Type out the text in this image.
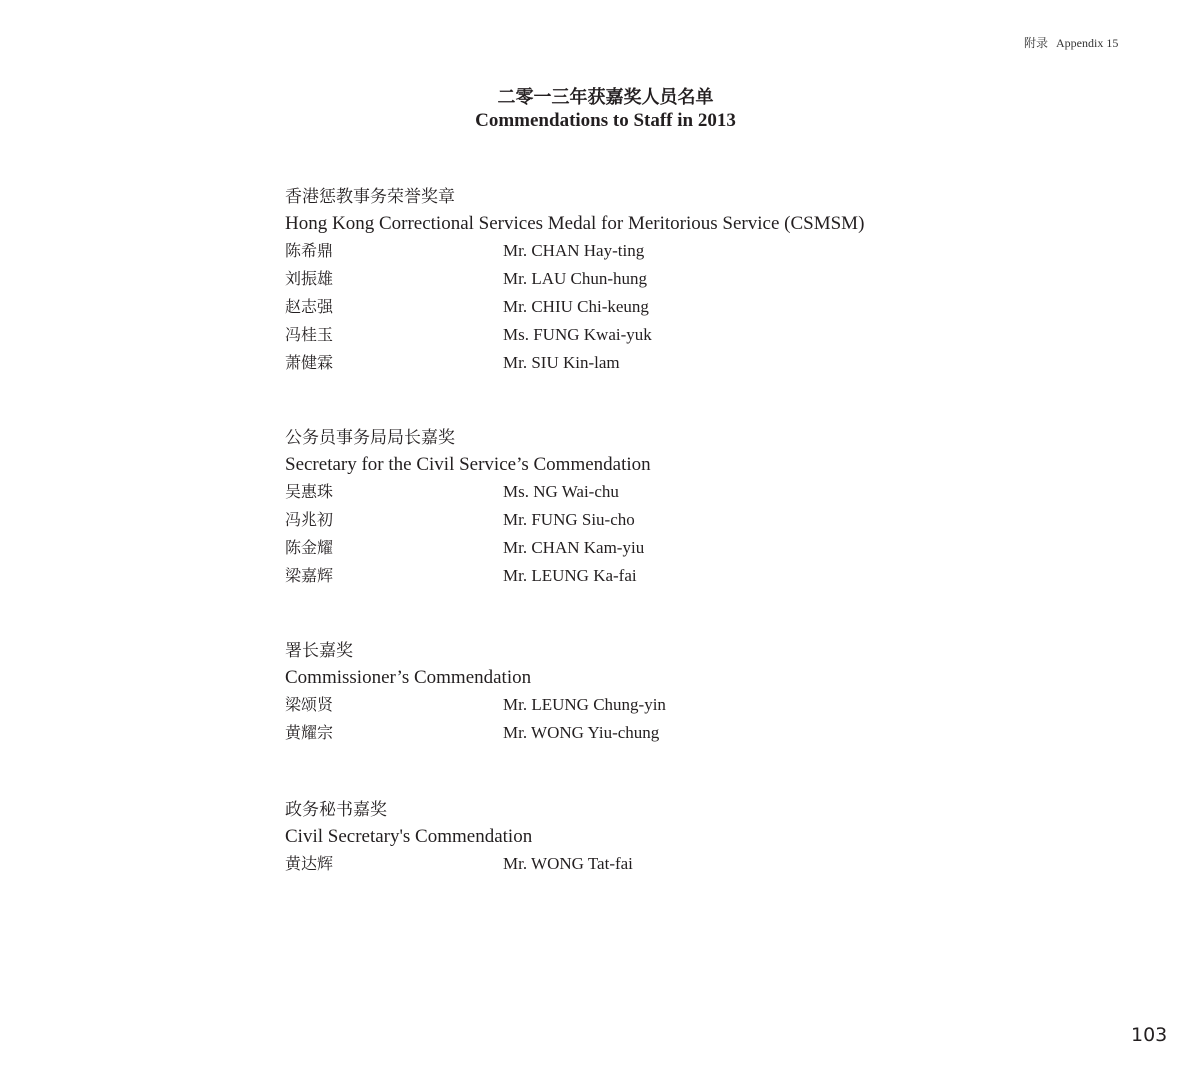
附录 Appendix 15
二零一三年获嘉奖人员名单
Commendations to Staff in 2013
香港惩教事务荣誉奖章
Hong Kong Correctional Services Medal for Meritorious Service (CSMSM)
陈希鼎	Mr. CHAN Hay-ting
刘振雄	Mr. LAU Chun-hung
赵志强	Mr. CHIU Chi-keung
冯桂玉	Ms. FUNG Kwai-yuk
萧健霖	Mr. SIU Kin-lam
公务员事务局局长嘉奖
Secretary for the Civil Service’s Commendation
吴惠珠	Ms. NG Wai-chu
冯兆初	Mr. FUNG Siu-cho
陈金耀	Mr. CHAN Kam-yiu
梁嘉辉	Mr. LEUNG Ka-fai
署长嘉奖
Commissioner’s Commendation
梁颂贤	Mr. LEUNG Chung-yin
黄耀宗	Mr. WONG Yiu-chung
政务秘书嘉奖
Civil Secretary's Commendation
黄达辉	Mr. WONG Tat-fai
103
